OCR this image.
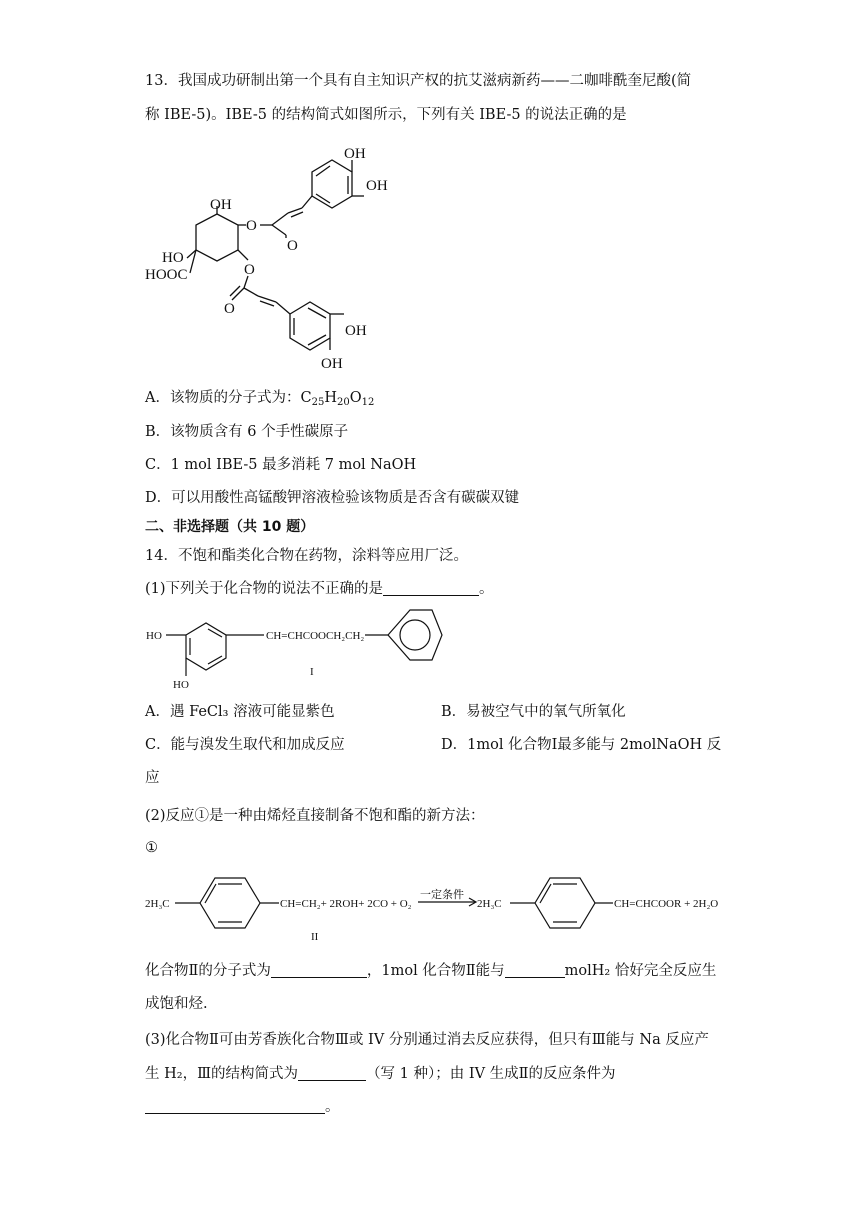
13．我国成功研制出第一个具有自主知识产权的抗艾滋病新药——二咖啡酰奎尼酸(简
称 IBE-5)。IBE-5 的结构简式如图所示，下列有关 IBE-5 的说法正确的是
OH
O
O
OH
OH
HO
HOOC	O
O
OH
OH
A．该物质的分子式为：$C_{25}H_{20}O_{12}$
B．该物质含有 6 个手性碳原子
C．1 mol IBE-5 最多消耗 7 mol NaOH
D．可以用酸性高锰酸钾溶液检验该物质是否含有碳碳双键
二、非选择题（共 10 题）
14．不饱和酯类化合物在药物，涂料等应用厂泛。
(1)下列关于化合物的说法不正确的是	。
HO	CH=CHCOOCH₂CH₂
I
HO
A．遇 FeCl₃ 溶液可能显紫色	B．易被空气中的氧气所氧化
C．能与溴发生取代和加成反应	D．1mol 化合物Ⅰ最多能与 2molNaOH 反
应
(2)反应①是一种由烯烃直接制备不饱和酯的新方法：
①
2H₃C	CH=CH₂+ 2ROH+ 2CO + O₂
II
一定条件
2H₃C	CH=CHCOOR + 2H₂O
化合物Ⅱ的分子式为	，1mol 化合物Ⅱ能与	molH₂ 恰好完全反应生
成饱和烃.
(3)化合物Ⅱ可由芳香族化合物Ⅲ或 IV 分别通过消去反应获得，但只有Ⅲ能与 Na 反应产
生 H₂，Ⅲ的结构简式为	（写 1 种）；由 IV 生成Ⅱ的反应条件为
。
